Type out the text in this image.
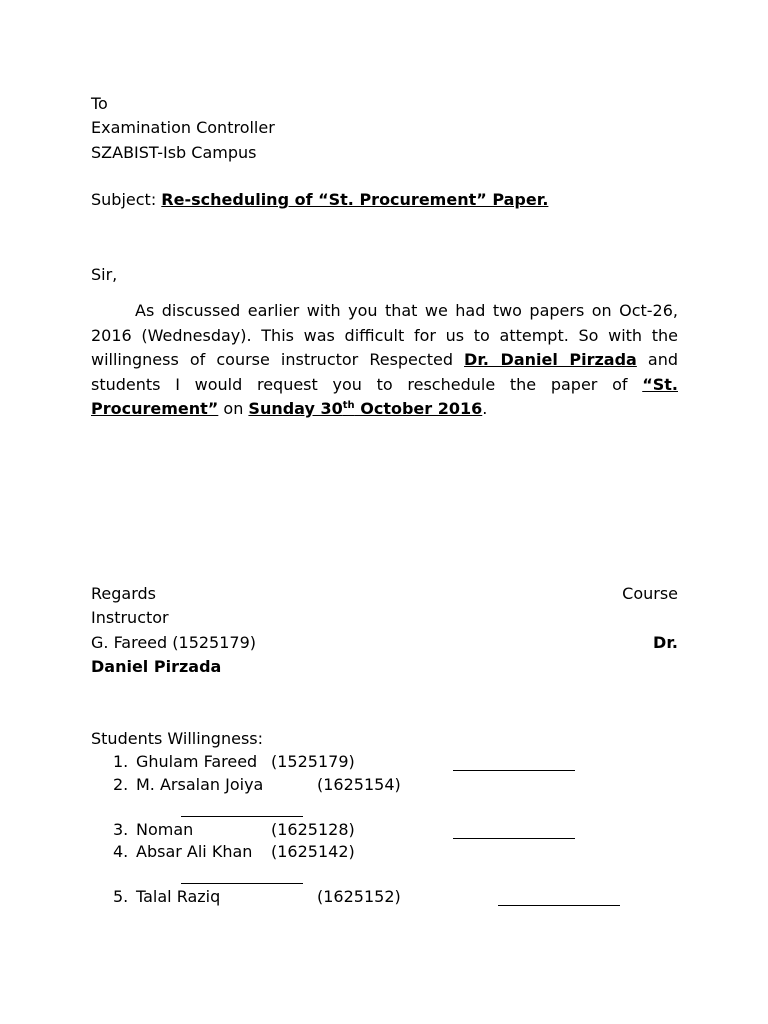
To
Examination Controller
SZABIST-Isb Campus
Subject: Re-scheduling of “St. Procurement” Paper.
Sir,
As discussed earlier with you that we had two papers on Oct-26, 2016 (Wednesday). This was difficult for us to attempt. So with the willingness of course instructor Respected Dr. Daniel Pirzada and students I would request you to reschedule the paper of “St. Procurement” on Sunday 30th October 2016.
Regards	Course
Instructor
G. Fareed (1525179)	Dr.
Daniel Pirzada
Students Willingness:
1. Ghulam Fareed (1525179)
2. M. Arsalan Joiya	(1625154)
3. Noman	(1625128)
4. Absar Ali Khan (1625142)
5. Talal Raziq	(1625152)
